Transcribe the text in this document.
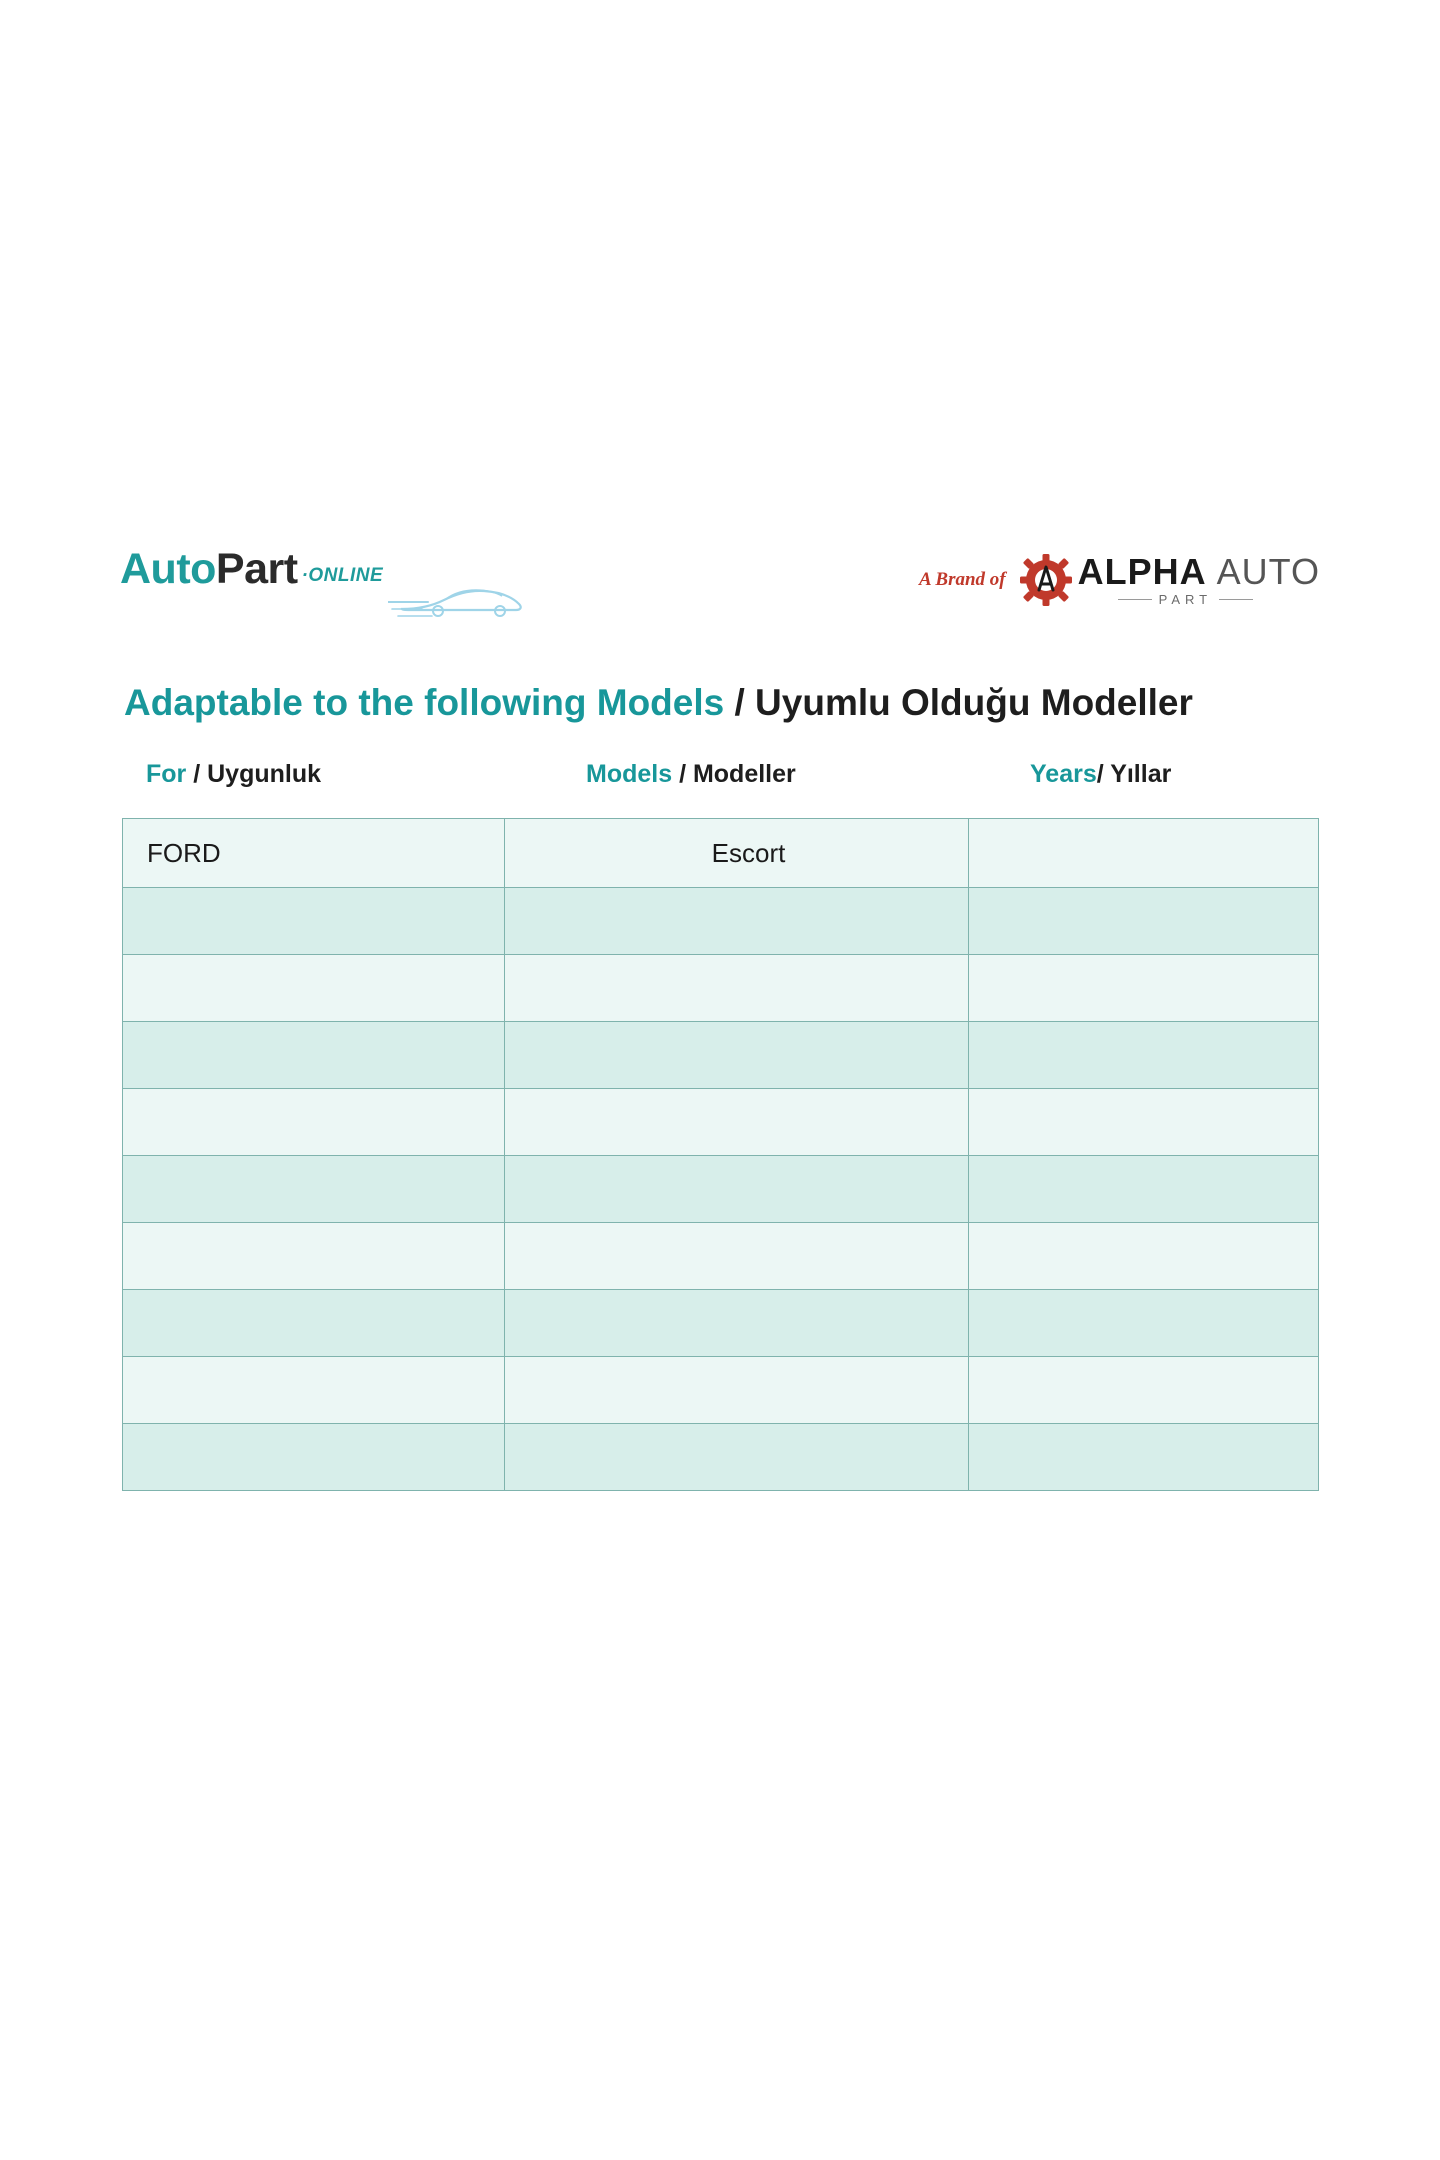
Auto Part ·ONLINE	A Brand of ALPHA AUTO
PART
Adaptable to the following Models / Uyumlu Olduğu Modeller
For / Uygunluk	Models / Modeller	Years/ Yıllar
FORD	Escort	
